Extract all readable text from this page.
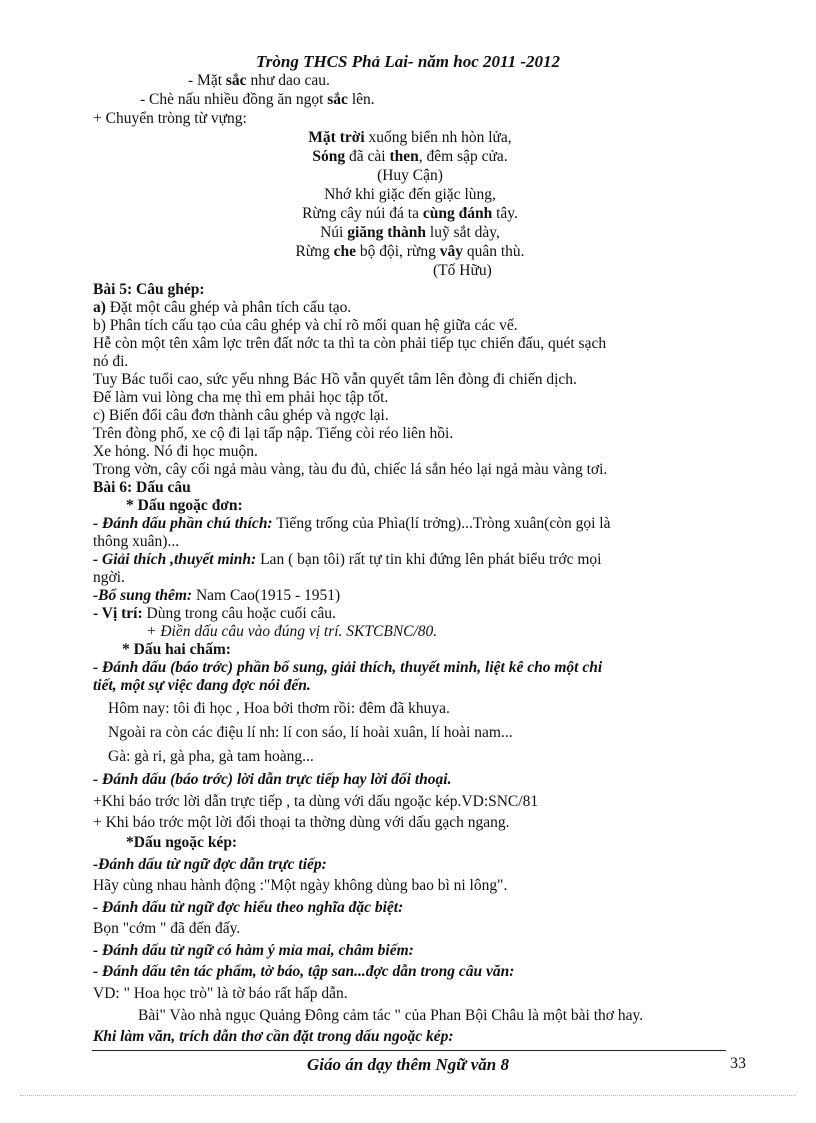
Tròng THCS Phả Lai- năm hoc 2011 -2012
- Mặt sắc như dao cau.
- Chè nấu nhiều đồng ăn ngọt sắc lên.
+ Chuyển tròng từ vựng:
Mặt trời xuống biển nh hòn lửa,
Sóng đã cài then, đêm sập cửa.
(Huy Cận)
Nhớ khi giặc đến giặc lùng,
Rừng cây núi đá ta cùng đánh tây.
Núi giăng thành luỹ sắt dày,
Rừng che bộ đội, rừng vây quân thù.
(Tố Hữu)
Bài 5: Câu ghép:
a) Đặt một câu ghép và phân tích cấu tạo.
b) Phân tích cấu tạo của câu ghép và chỉ rõ mối quan hệ giữa các vế.
Hễ còn một tên xâm lợc trên đất nớc ta thì ta còn phải tiếp tục chiến đấu, quét sạch
nó đi.
Tuy Bác tuổi cao, sức yếu nhng Bác Hồ vẫn quyết tâm lên đòng đi chiến dịch.
Để làm vui lòng cha mẹ thì em phải học tập tốt.
c) Biến đổi câu đơn thành câu ghép và ngợc lại.
Trên đòng phố, xe cộ đi lại tấp nập. Tiếng còi réo liên hồi.
Xe hỏng. Nó đi học muộn.
Trong vờn, cây cối ngả màu vàng, tàu đu đủ, chiếc lá sắn héo lại ngả màu vàng tơi.
Bài 6: Dấu câu
* Dấu ngoặc đơn:
- Đánh dấu phần chú thích: Tiếng trống của Phìa(lí trởng)...Tròng xuân(còn gọi là
thông xuân)...
- Giải thích ,thuyết minh: Lan ( bạn tôi) rất tự tin khi đứng lên phát biểu trớc mọi
ngời.
-Bổ sung thêm: Nam Cao(1915 - 1951)
- Vị trí: Dùng trong câu hoặc cuối câu.
+ Điền dấu câu vào đúng vị trí. SKTCBNC/80.
* Dấu hai chấm:
- Đánh dấu (báo trớc) phần bổ sung, giải thích, thuyết minh, liệt kê cho một chi
tiết, một sự việc đang đợc nói đến.
Hôm nay: tôi đi học , Hoa bởi thơm rồi: đêm đã khuya.
Ngoài ra còn các điệu lí nh: lí con sáo, lí hoài xuân, lí hoài nam...
Gà: gà ri, gà pha, gà tam hoàng...
- Đánh dấu (báo trớc) lời dẫn trực tiếp hay lời đối thoại.
+Khi báo trớc lời dẫn trực tiếp , ta dùng với dấu ngoặc kép.VD:SNC/81
+ Khi báo trớc một lời đối thoại ta thờng dùng với dấu gạch ngang.
*Dấu ngoặc kép:
-Đánh dấu từ ngữ đợc dẫn trực tiếp:
Hãy cùng nhau hành động :"Một ngày không dùng bao bì ni lông".
- Đánh dấu từ ngữ đợc hiểu theo nghĩa đặc biệt:
Bọn "cớm " đã đến đấy.
- Đánh dấu từ ngữ có hàm ý mỉa mai, châm biếm:
- Đánh dấu tên tác phẩm, tờ báo, tập san...đợc dẫn trong câu văn:
VD: " Hoa học trò" là tờ báo rất hấp dẫn.
Bài" Vào nhà ngục Quảng Đông cảm tác " của Phan Bội Châu là một bài thơ hay.
Khi làm văn, trích dẫn thơ cần đặt trong dấu ngoặc kép:
Giáo án dạy thêm Ngữ văn 8	33
